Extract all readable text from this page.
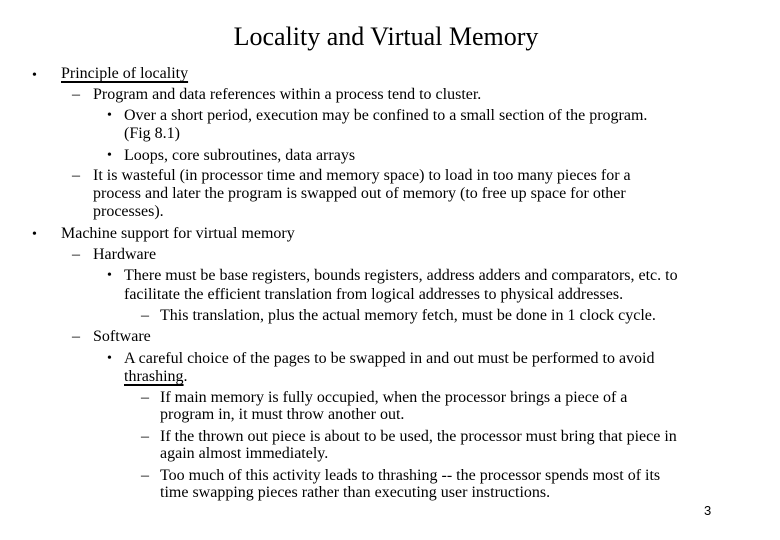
Locality and Virtual Memory
• Principle of locality
– Program and data references within a process tend to cluster.
• Over a short period, execution may be confined to a small section of the program.
(Fig 8.1)
• Loops, core subroutines, data arrays
– It is wasteful (in processor time and memory space) to load in too many pieces for a
process and later the program is swapped out of memory (to free up space for other
processes).
• Machine support for virtual memory
– Hardware
• There must be base registers, bounds registers, address adders and comparators, etc. to
facilitate the efficient translation from logical addresses to physical addresses.
– This translation, plus the actual memory fetch, must be done in 1 clock cycle.
– Software
• A careful choice of the pages to be swapped in and out must be performed to avoid
thrashing.
– If main memory is fully occupied, when the processor brings a piece of a
program in, it must throw another out.
– If the thrown out piece is about to be used, the processor must bring that piece in
again almost immediately.
– Too much of this activity leads to thrashing -- the processor spends most of its
time swapping pieces rather than executing user instructions.
3
